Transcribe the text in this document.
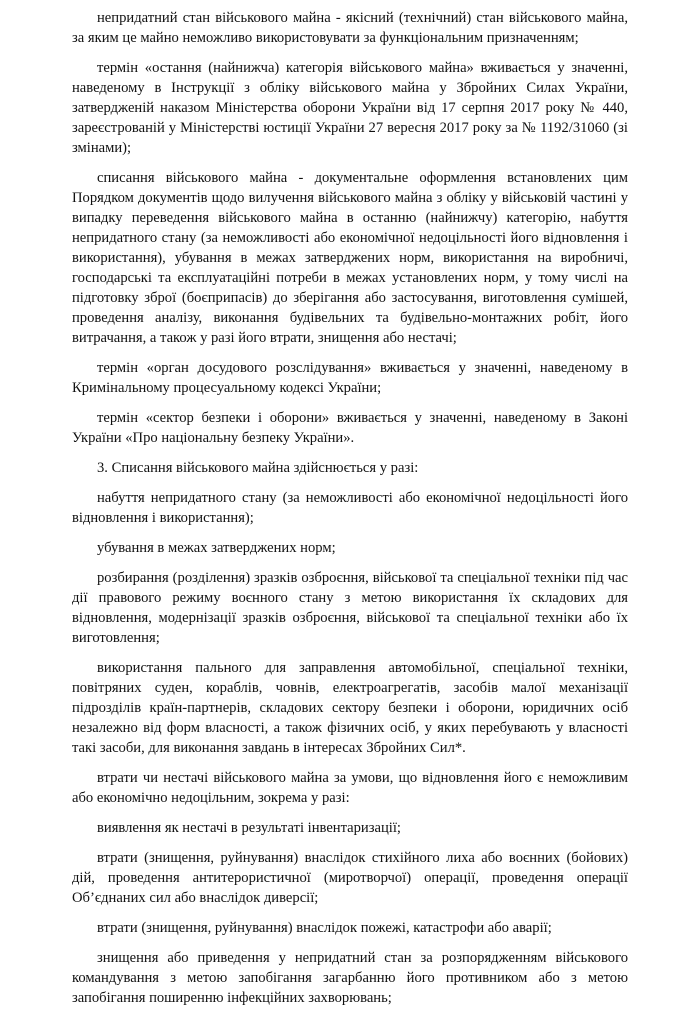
непридатний стан військового майна - якісний (технічний) стан військового майна, за яким це майно неможливо використовувати за функціональним призначенням;

термін «остання (найнижча) категорія військового майна» вживається у значенні, наведеному в Інструкції з обліку військового майна у Збройних Силах України, затвердженій наказом Міністерства оборони України від 17 серпня 2017 року № 440, зареєстрованій у Міністерстві юстиції України 27 вересня 2017 року за № 1192/31060 (зі змінами);

списання військового майна - документальне оформлення встановлених цим Порядком документів щодо вилучення військового майна з обліку у військовій частині у випадку переведення військового майна в останню (найнижчу) категорію, набуття непридатного стану (за неможливості або економічної недоцільності його відновлення і використання), убування в межах затверджених норм, використання на виробничі, господарські та експлуатаційні потреби в межах установлених норм, у тому числі на підготовку зброї (боєприпасів) до зберігання або застосування, виготовлення сумішей, проведення аналізу, виконання будівельних та будівельно-монтажних робіт, його витрачання, а також у разі його втрати, знищення або нестачі;

термін «орган досудового розслідування» вживається у значенні, наведеному в Кримінальному процесуальному кодексі України;

термін «сектор безпеки і оборони» вживається у значенні, наведеному в Законі України «Про національну безпеку України».

3. Списання військового майна здійснюється у разі:

набуття непридатного стану (за неможливості або економічної недоцільності його відновлення і використання);

убування в межах затверджених норм;

розбирання (розділення) зразків озброєння, військової та спеціальної техніки під час дії правового режиму воєнного стану з метою використання їх складових для відновлення, модернізації зразків озброєння, військової та спеціальної техніки або їх виготовлення;

використання пального для заправлення автомобільної, спеціальної техніки, повітряних суден, кораблів, човнів, електроагрегатів, засобів малої механізації підрозділів країн-партнерів, складових сектору безпеки і оборони, юридичних осіб незалежно від форм власності, а також фізичних осіб, у яких перебувають у власності такі засоби, для виконання завдань в інтересах Збройних Сил*.

втрати чи нестачі військового майна за умови, що відновлення його є неможливим або економічно недоцільним, зокрема у разі:

виявлення як нестачі в результаті інвентаризації;

втрати (знищення, руйнування) внаслідок стихійного лиха або воєнних (бойових) дій, проведення антитерористичної (миротворчої) операції, проведення операції Об’єднаних сил або внаслідок диверсії;

втрати (знищення, руйнування) внаслідок пожежі, катастрофи або аварії;

знищення або приведення у непридатний стан за розпорядженням військового командування з метою запобігання загарбанню його противником або з метою запобігання поширенню інфекційних захворювань;
